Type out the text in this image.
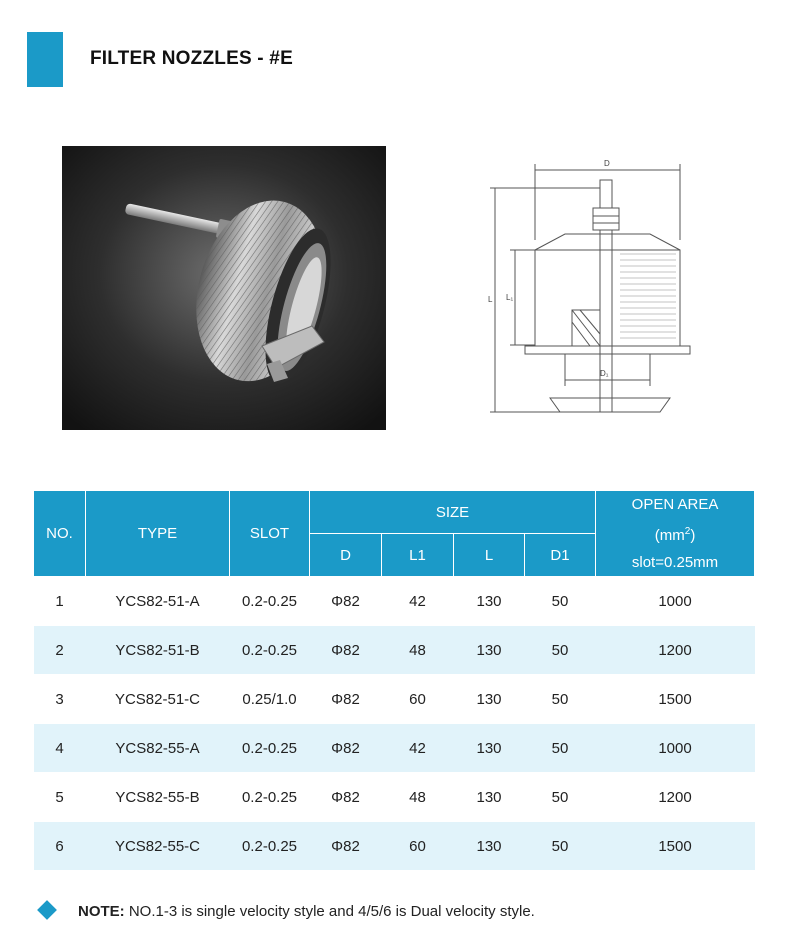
FILTER NOZZLES - #E
D
L L₁
D₁
NO.	TYPE	SLOT	SIZE				OPEN AREA
$(mm^2)$
slot=0.25mm

			D	L1	L	D1	
1	YCS82-51-A	0.2-0.25	Φ82	42	130	50	1000
2	YCS82-51-B	0.2-0.25	Φ82	48	130	50	1200
3	YCS82-51-C	0.25/1.0	Φ82	60	130	50	1500
4	YCS82-55-A	0.2-0.25	Φ82	42	130	50	1000
5	YCS82-55-B	0.2-0.25	Φ82	48	130	50	1200
6	YCS82-55-C	0.2-0.25	Φ82	60	130	50	1500
NOTE: NO.1-3 is single velocity style and 4/5/6 is Dual velocity style.
